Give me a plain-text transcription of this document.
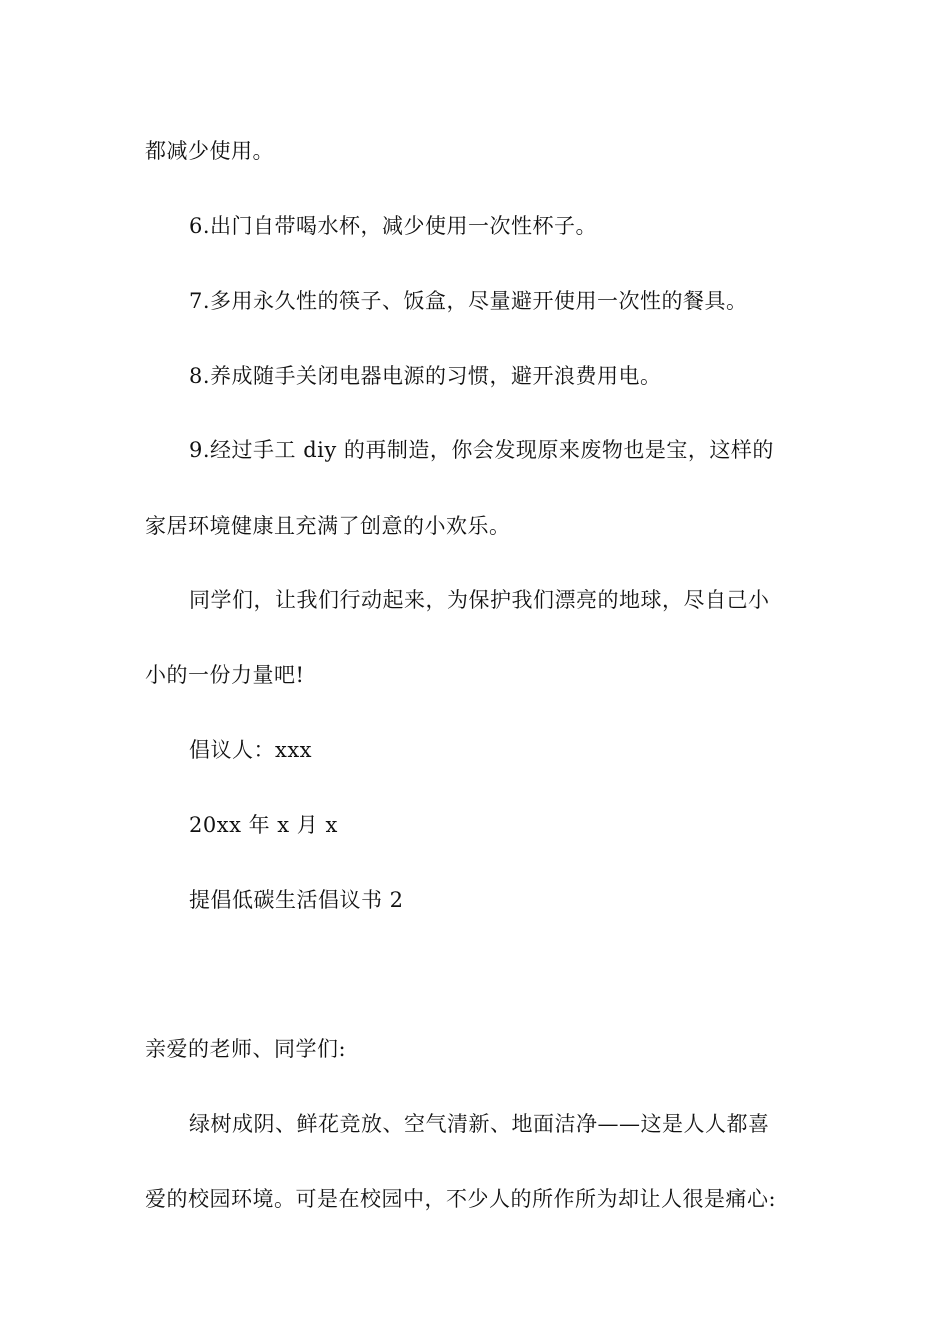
都减少使用。
6.出门自带喝水杯，减少使用一次性杯子。
7.多用永久性的筷子、饭盒，尽量避开使用一次性的餐具。
8.养成随手关闭电器电源的习惯，避开浪费用电。
9.经过手工 diy 的再制造，你会发现原来废物也是宝，这样的
家居环境健康且充满了创意的小欢乐。
同学们，让我们行动起来，为保护我们漂亮的地球，尽自己小
小的一份力量吧!
倡议人：xxx
20xx 年 x 月 x
提倡低碳生活倡议书 2
亲爱的老师、同学们:
绿树成阴、鲜花竞放、空气清新、地面洁净——这是人人都喜
爱的校园环境。可是在校园中，不少人的所作所为却让人很是痛心:
